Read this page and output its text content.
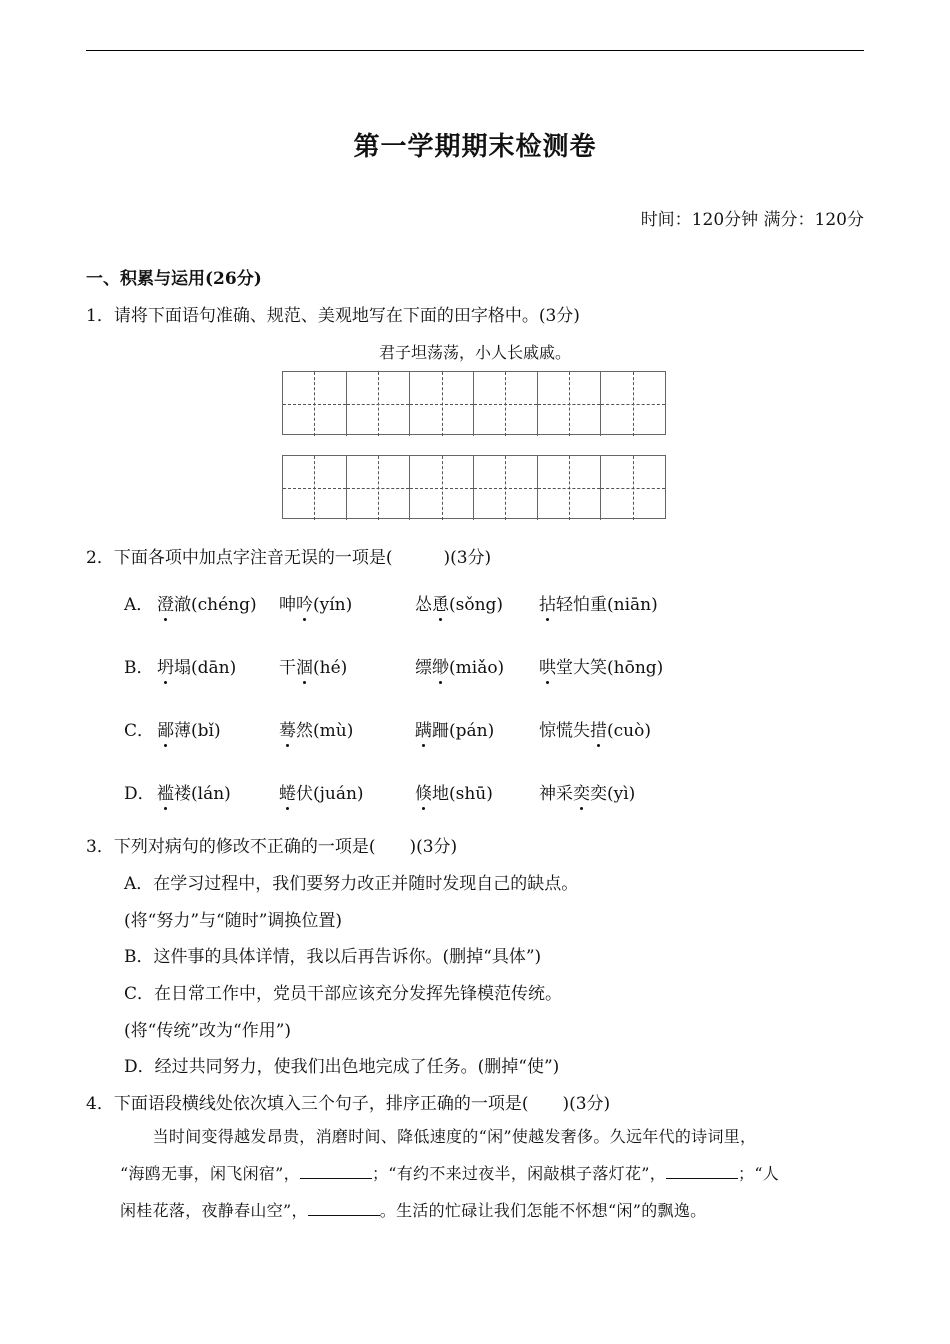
第一学期期末检测卷
时间：120分钟 满分：120分
一、积累与运用(26分)
1．请将下面语句准确、规范、美观地写在下面的田字格中。(3分)
君子坦荡荡，小人长戚戚。
2．下面各项中加点字注音无误的一项是(　　　)(3分)
A． 澄澈(chéng) 呻吟(yín)	怂恿(sǒng) 拈轻怕重(niān)
B． 坍塌(dān)	干涸(hé)	缥缈(miǎo) 哄堂大笑(hōng)
C． 鄙薄(bǐ)	蓦然(mù)	蹒跚(pán)	惊慌失措(cuò)
D． 褴褛(lán)	蜷伏(juán)	倏地(shū)	神采奕奕(yì)
3．下列对病句的修改不正确的一项是(　　)(3分)
A．在学习过程中，我们要努力改正并随时发现自己的缺点。
(将“努力”与“随时”调换位置)
B．这件事的具体详情，我以后再告诉你。(删掉“具体”)
C．在日常工作中，党员干部应该充分发挥先锋模范传统。
(将“传统”改为“作用”)
D．经过共同努力，使我们出色地完成了任务。(删掉“使”)
4．下面语段横线处依次填入三个句子，排序正确的一项是(　　)(3分)
　　当时间变得越发昂贵，消磨时间、降低速度的“闲”使越发奢侈。久远年代的诗词里，
“海鸥无事，闲飞闲宿”，	；“有约不来过夜半，闲敲棋子落灯花”，	；“人
闲桂花落，夜静春山空”，	。生活的忙碌让我们怎能不怀想“闲”的飘逸。
